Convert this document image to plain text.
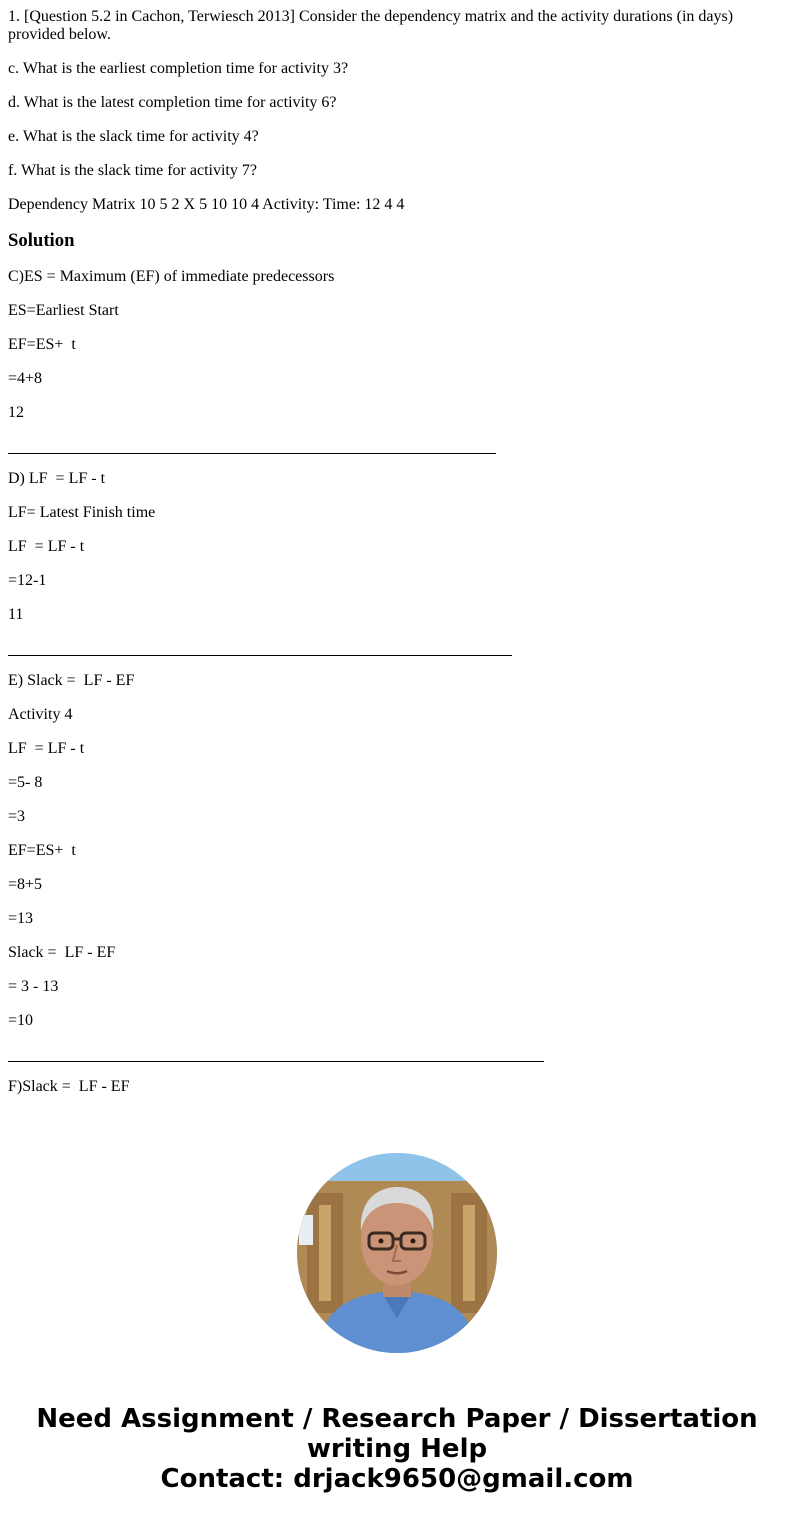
1. [Question 5.2 in Cachon, Terwiesch 2013] Consider the dependency matrix and the activity durations (in days) provided below.
c. What is the earliest completion time for activity 3?
d. What is the latest completion time for activity 6?
e. What is the slack time for activity 4?
f. What is the slack time for activity 7?
Dependency Matrix 10 5 2 X 5 10 10 4 Activity: Time: 12 4 4
Solution
C)ES = Maximum (EF) of immediate predecessors
ES=Earliest Start
EF=ES+  t
=4+8
12
D) LF  = LF - t
LF= Latest Finish time
LF  = LF - t
=12-1
11
E) Slack =  LF - EF
Activity 4
LF  = LF - t
=5- 8
=3
EF=ES+  t
=8+5
=13
Slack =  LF - EF
= 3 - 13
=10
F)Slack =  LF - EF
Need Assignment / Research Paper / Dissertation
writing Help
Contact: drjack9650@gmail.com
